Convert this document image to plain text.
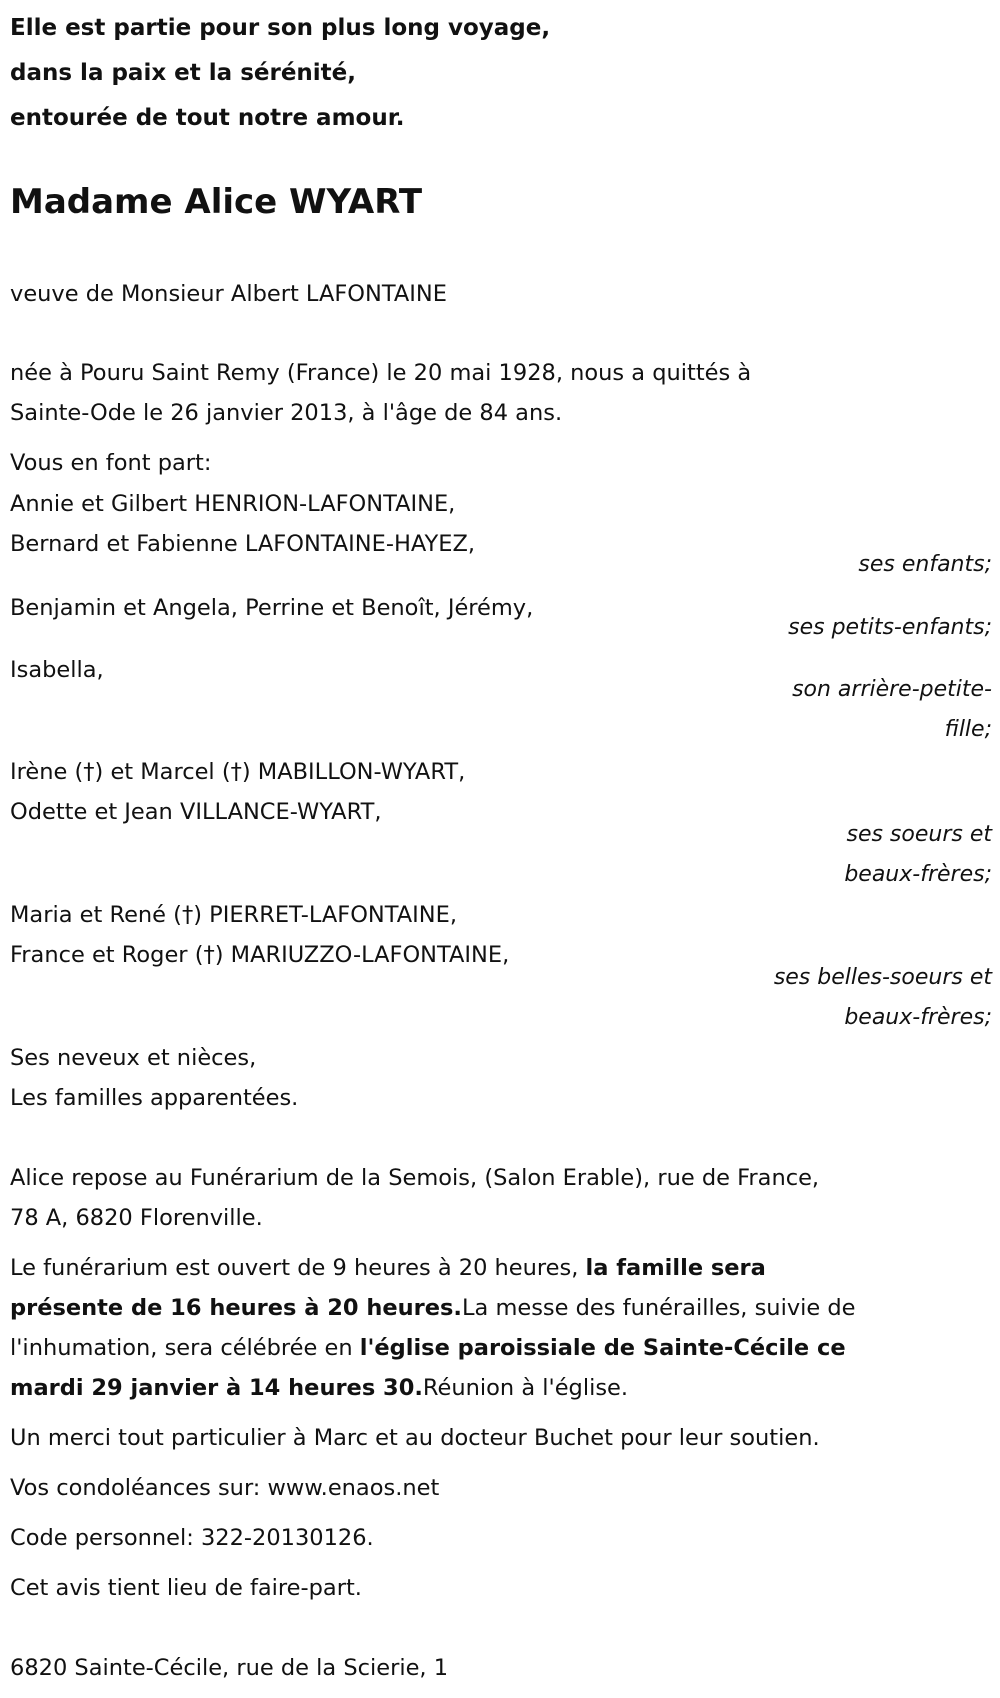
Elle est partie pour son plus long voyage,
dans la paix et la sérénité,
entourée de tout notre amour.
Madame Alice WYART
veuve de Monsieur Albert LAFONTAINE
née à Pouru Saint Remy (France) le 20 mai 1928, nous a quittés à
Sainte-Ode le 26 janvier 2013, à l'âge de 84 ans.
Vous en font part:
Annie et Gilbert HENRION-LAFONTAINE,
Bernard et Fabienne LAFONTAINE-HAYEZ,
ses enfants;
Benjamin et Angela, Perrine et Benoît, Jérémy,
ses petits-enfants;
Isabella,
son arrière-petite-fille;
Irène (†) et Marcel (†) MABILLON-WYART,
Odette et Jean VILLANCE-WYART,
ses soeurs et beaux-frères;
Maria et René (†) PIERRET-LAFONTAINE,
France et Roger (†) MARIUZZO-LAFONTAINE,
ses belles-soeurs et beaux-frères;
Ses neveux et nièces,
Les familles apparentées.
Alice repose au Funérarium de la Semois, (Salon Erable), rue de France,
78 A, 6820 Florenville.
Le funérarium est ouvert de 9 heures à 20 heures, la famille sera
présente de 16 heures à 20 heures.La messe des funérailles, suivie de
l'inhumation, sera célébrée en l'église paroissiale de Sainte-Cécile ce
mardi 29 janvier à 14 heures 30.Réunion à l'église.
Un merci tout particulier à Marc et au docteur Buchet pour leur soutien.
Vos condoléances sur: www.enaos.net
Code personnel: 322-20130126.
Cet avis tient lieu de faire-part.
6820 Sainte-Cécile, rue de la Scierie, 1
